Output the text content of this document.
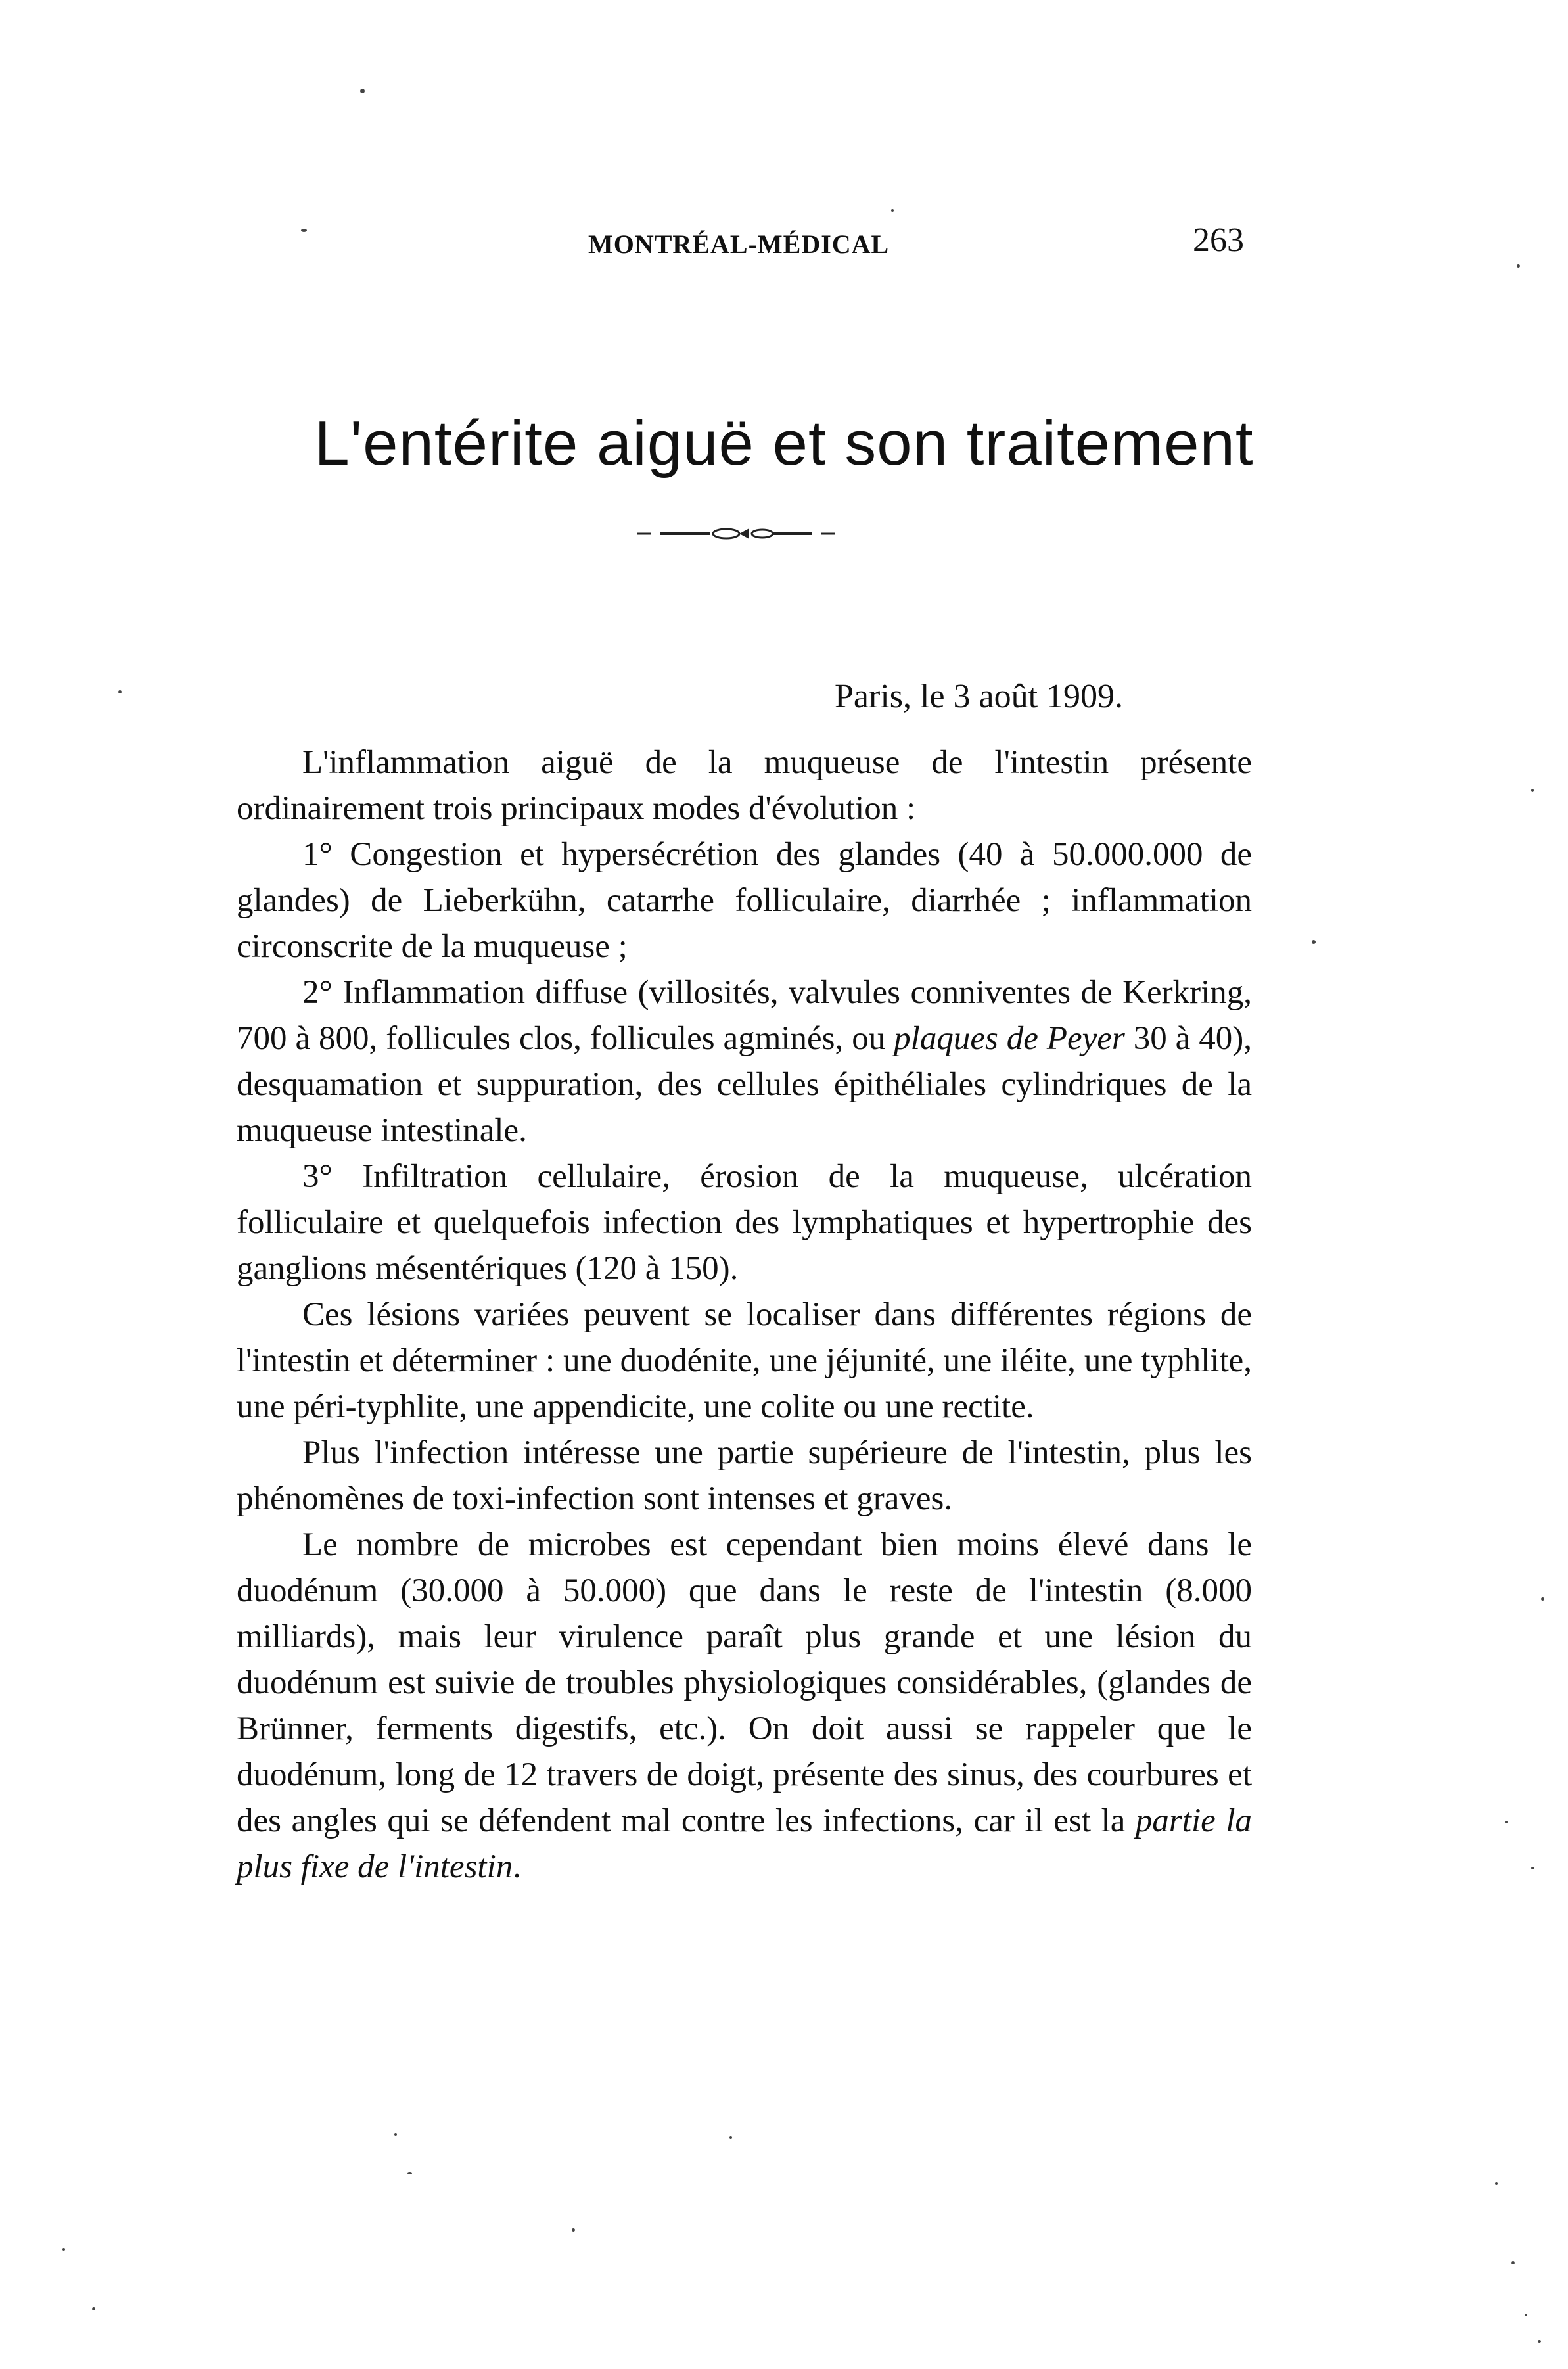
MONTRÉAL-MÉDICAL	263
L'entérite aiguë et son traitement
Paris, le 3 août 1909.

L'inflammation aiguë de la muqueuse de l'intestin présente ordinairement trois principaux modes d'évolution :

1° Congestion et hypersécrétion des glandes (40 à 50.000.000 de glandes) de Lieberkühn, catarrhe folliculaire, diarrhée ; inflammation circonscrite de la muqueuse ;

2° Inflammation diffuse (villosités, valvules conniventes de Kerkring, 700 à 800, follicules clos, follicules agminés, ou plaques de Peyer 30 à 40), desquamation et suppuration, des cellules épithéliales cylindriques de la muqueuse intestinale.

3° Infiltration cellulaire, érosion de la muqueuse, ulcération folliculaire et quelquefois infection des lymphatiques et hypertrophie des ganglions mésentériques (120 à 150).

Ces lésions variées peuvent se localiser dans différentes régions de l'intestin et déterminer : une duodénite, une jéjunité, une iléite, une typhlite, une péri-typhlite, une appendicite, une colite ou une rectite.

Plus l'infection intéresse une partie supérieure de l'intestin, plus les phénomènes de toxi-infection sont intenses et graves.

Le nombre de microbes est cependant bien moins élevé dans le duodénum (30.000 à 50.000) que dans le reste de l'intestin (8.000 milliards), mais leur virulence paraît plus grande et une lésion du duodénum est suivie de troubles physiologiques considérables, (glandes de Brünner, ferments digestifs, etc.). On doit aussi se rappeler que le duodénum, long de 12 travers de doigt, présente des sinus, des courbures et des angles qui se défendent mal contre les infections, car il est la partie la plus fixe de l'intestin.
